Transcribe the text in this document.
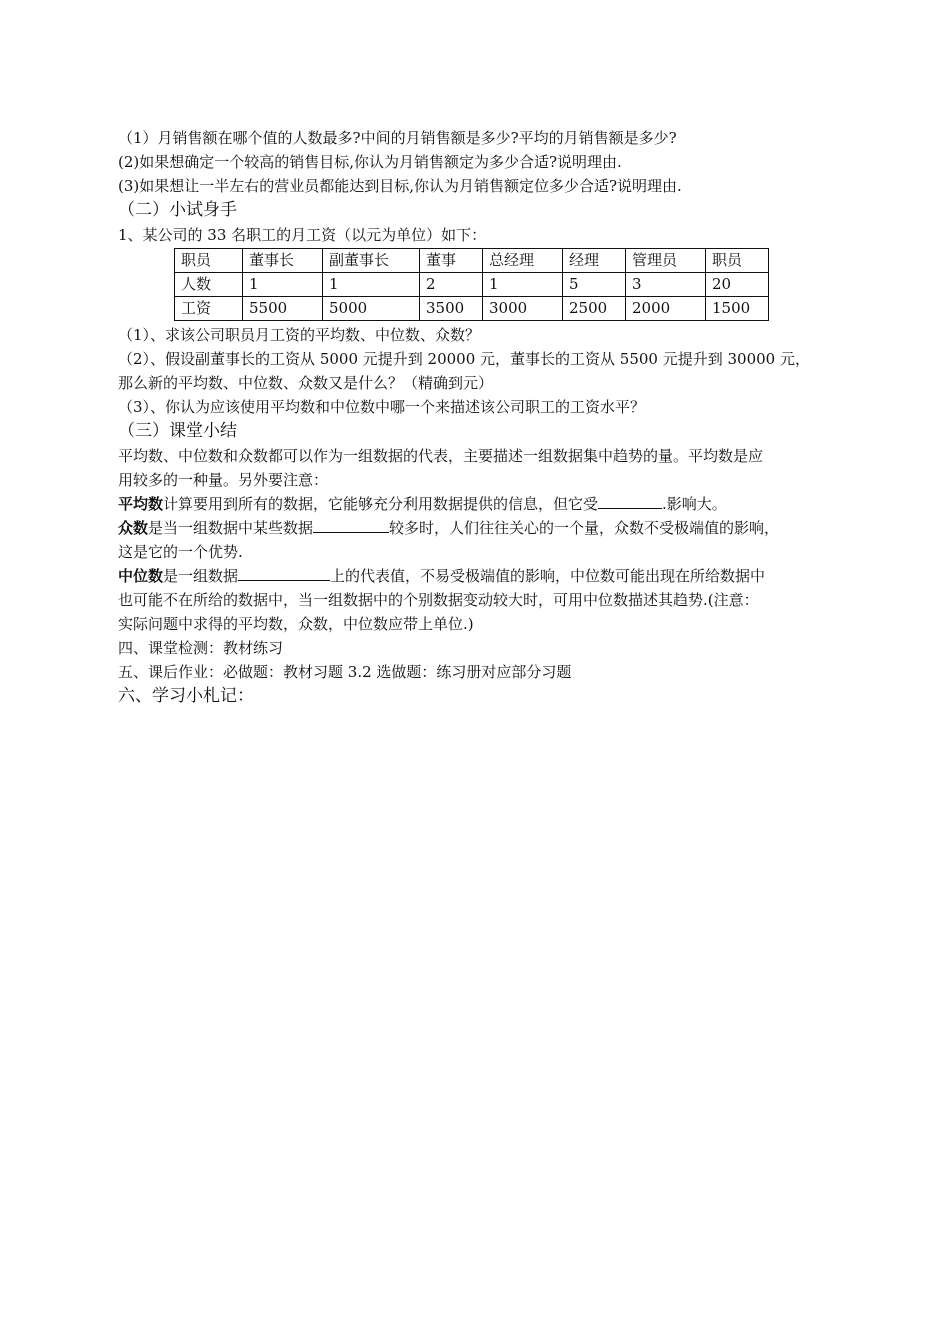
（1）月销售额在哪个值的人数最多?中间的月销售额是多少?平均的月销售额是多少?
(2)如果想确定一个较高的销售目标,你认为月销售额定为多少合适?说明理由.
(3)如果想让一半左右的营业员都能达到目标,你认为月销售额定位多少合适?说明理由.
（二）小试身手
1、某公司的 33 名职工的月工资（以元为单位）如下：
职员	董事长	副董事长	董事	总经理	经理	管理员	职员
人数	1	1	2	1	5	3	20
工资	5500	5000	3500	3000	2500	2000	1500
（1）、求该公司职员月工资的平均数、中位数、众数？
（2）、假设副董事长的工资从 5000 元提升到 20000 元，董事长的工资从 5500 元提升到 30000 元，
那么新的平均数、中位数、众数又是什么？（精确到元）
（3）、你认为应该使用平均数和中位数中哪一个来描述该公司职工的工资水平？
（三）课堂小结
平均数、中位数和众数都可以作为一组数据的代表，主要描述一组数据集中趋势的量。平均数是应
用较多的一种量。另外要注意：
平均数计算要用到所有的数据，它能够充分利用数据提供的信息，但它受	.影响大。
众数是当一组数据中某些数据	较多时，人们往往关心的一个量，众数不受极端值的影响，
这是它的一个优势.
中位数是一组数据	上的代表值，不易受极端值的影响，中位数可能出现在所给数据中
也可能不在所给的数据中，当一组数据中的个别数据变动较大时，可用中位数描述其趋势.(注意：
实际问题中求得的平均数，众数，中位数应带上单位.)
四、课堂检测：教材练习
五、课后作业：必做题：教材习题 3.2 选做题：练习册对应部分习题
六、学习小札记：
